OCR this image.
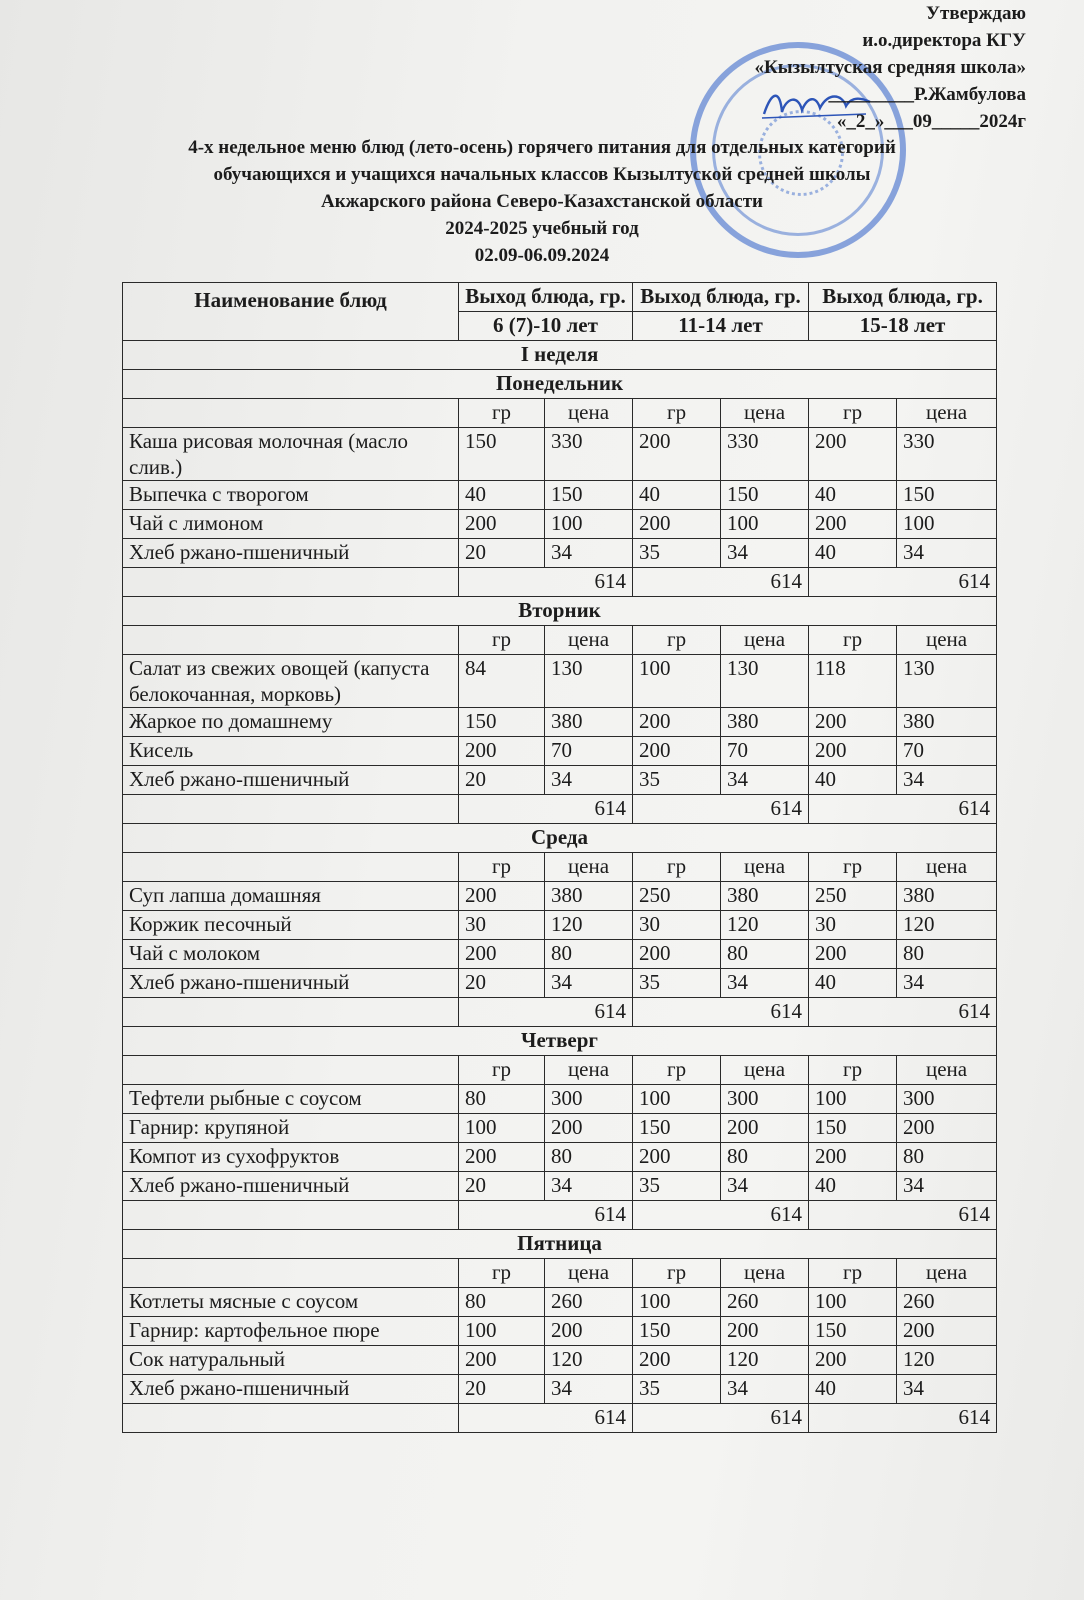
Утверждаю
и.о.директора КГУ
«Кызылтуская средняя школа»
_________Р.Жамбулова
«_2_»___09_____2024г
4-х недельное меню блюд (лето-осень) горячего питания для отдельных категорий
обучающихся и учащихся начальных классов Кызылтуской средней школы
Акжарского района Северо-Казахстанской области
2024-2025 учебный год
02.09-06.09.2024
Наименование блюд	Выход блюда, гр.		Выход блюда, гр.		Выход блюда, гр.	
	6 (7)-10 лет		11-14 лет		15-18 лет	
I неделя						
Понедельник						
	гр	цена	гр	цена	гр	цена
Каша рисовая молочная (масло слив.)	150	330	200	330	200	330
Выпечка с творогом	40	150	40	150	40	150
Чай с лимоном	200	100	200	100	200	100
Хлеб ржано-пшеничный	20	34	35	34	40	34
	614		614		614	
Вторник						
	гр	цена	гр	цена	гр	цена
Салат из свежих овощей (капуста белокочанная, морковь)	84	130	100	130	118	130
Жаркое по домашнему	150	380	200	380	200	380
Кисель	200	70	200	70	200	70
Хлеб ржано-пшеничный	20	34	35	34	40	34
	614		614		614	
Среда						
	гр	цена	гр	цена	гр	цена
Суп лапша домашняя	200	380	250	380	250	380
Коржик песочный	30	120	30	120	30	120
Чай с молоком	200	80	200	80	200	80
Хлеб ржано-пшеничный	20	34	35	34	40	34
	614		614		614	
Четверг						
	гр	цена	гр	цена	гр	цена
Тефтели рыбные с соусом	80	300	100	300	100	300
Гарнир: крупяной	100	200	150	200	150	200
Компот из сухофруктов	200	80	200	80	200	80
Хлеб ржано-пшеничный	20	34	35	34	40	34
	614		614		614	
Пятница						
	гр	цена	гр	цена	гр	цена
Котлеты мясные с соусом	80	260	100	260	100	260
Гарнир: картофельное пюре	100	200	150	200	150	200
Сок натуральный	200	120	200	120	200	120
Хлеб ржано-пшеничный	20	34	35	34	40	34
	614		614		614	
